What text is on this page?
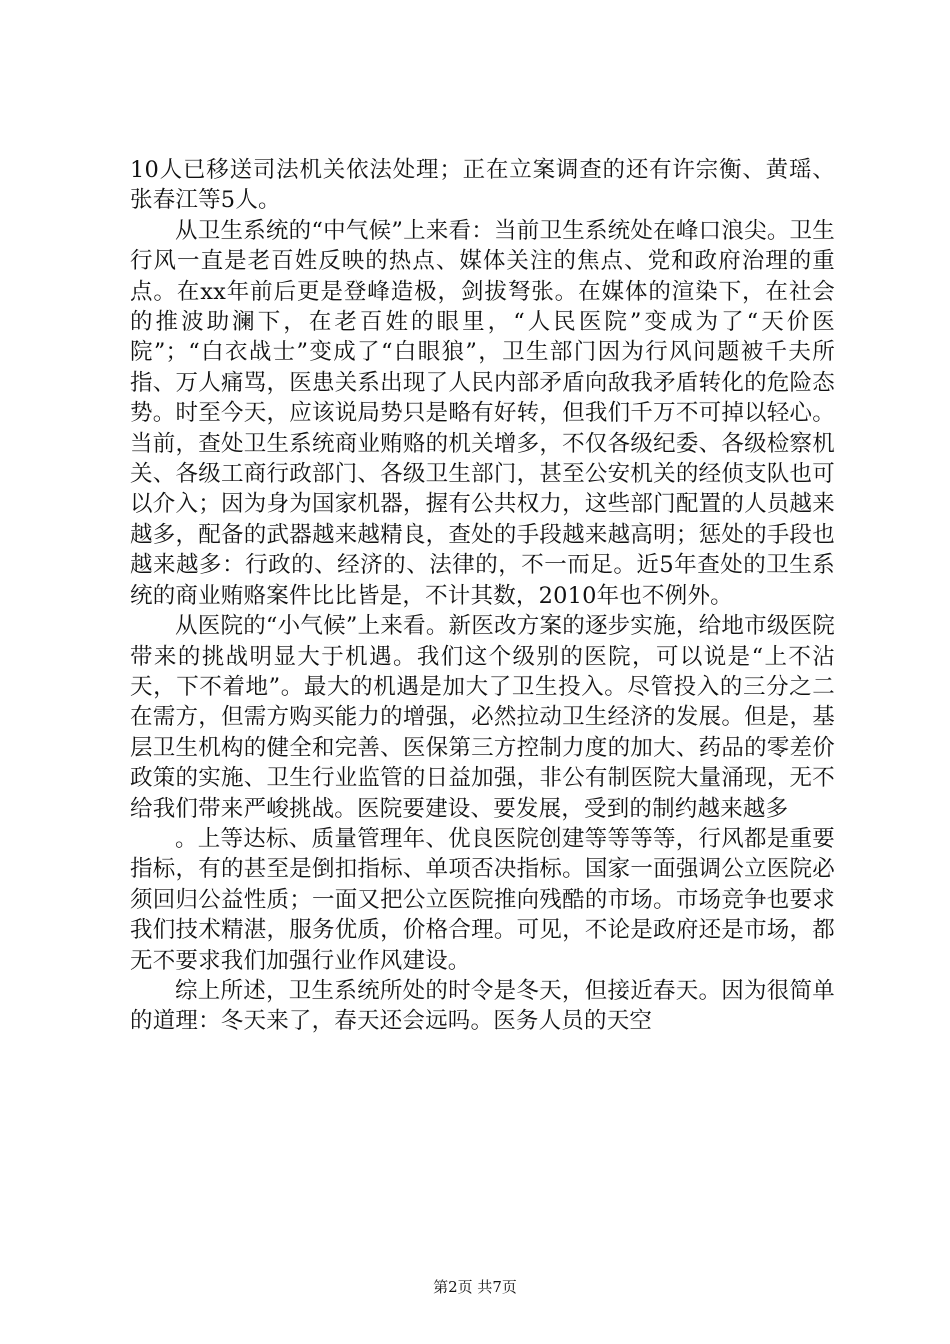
10人已移送司法机关依法处理；正在立案调查的还有许宗衡、黄瑶、张春江等5人。

从卫生系统的“中气候”上来看：当前卫生系统处在峰口浪尖。卫生行风一直是老百姓反映的热点、媒体关注的焦点、党和政府治理的重点。在xx年前后更是登峰造极，剑拔弩张。在媒体的渲染下，在社会的推波助澜下，在老百姓的眼里，“人民医院”变成为了“天价医院”；“白衣战士”变成了“白眼狼”，卫生部门因为行风问题被千夫所指、万人痛骂，医患关系出现了人民内部矛盾向敌我矛盾转化的危险态势。时至今天，应该说局势只是略有好转，但我们千万不可掉以轻心。当前，查处卫生系统商业贿赂的机关增多，不仅各级纪委、各级检察机关、各级工商行政部门、各级卫生部门，甚至公安机关的经侦支队也可以介入；因为身为国家机器，握有公共权力，这些部门配置的人员越来越多，配备的武器越来越精良，查处的手段越来越高明；惩处的手段也越来越多：行政的、经济的、法律的，不一而足。近5年查处的卫生系统的商业贿赂案件比比皆是，不计其数，2010年也不例外。

从医院的“小气候”上来看。新医改方案的逐步实施，给地市级医院带来的挑战明显大于机遇。我们这个级别的医院，可以说是“上不沾天，下不着地”。最大的机遇是加大了卫生投入。尽管投入的三分之二在需方，但需方购买能力的增强，必然拉动卫生经济的发展。但是，基层卫生机构的健全和完善、医保第三方控制力度的加大、药品的零差价政策的实施、卫生行业监管的日益加强，非公有制医院大量涌现，无不给我们带来严峻挑战。医院要建设、要发展，受到的制约越来越多

。上等达标、质量管理年、优良医院创建等等等等，行风都是重要指标，有的甚至是倒扣指标、单项否决指标。国家一面强调公立医院必须回归公益性质；一面又把公立医院推向残酷的市场。市场竞争也要求我们技术精湛，服务优质，价格合理。可见，不论是政府还是市场，都无不要求我们加强行业作风建设。

综上所述，卫生系统所处的时令是冬天，但接近春天。因为很简单的道理：冬天来了，春天还会远吗。医务人员的天空

第2页 共7页
